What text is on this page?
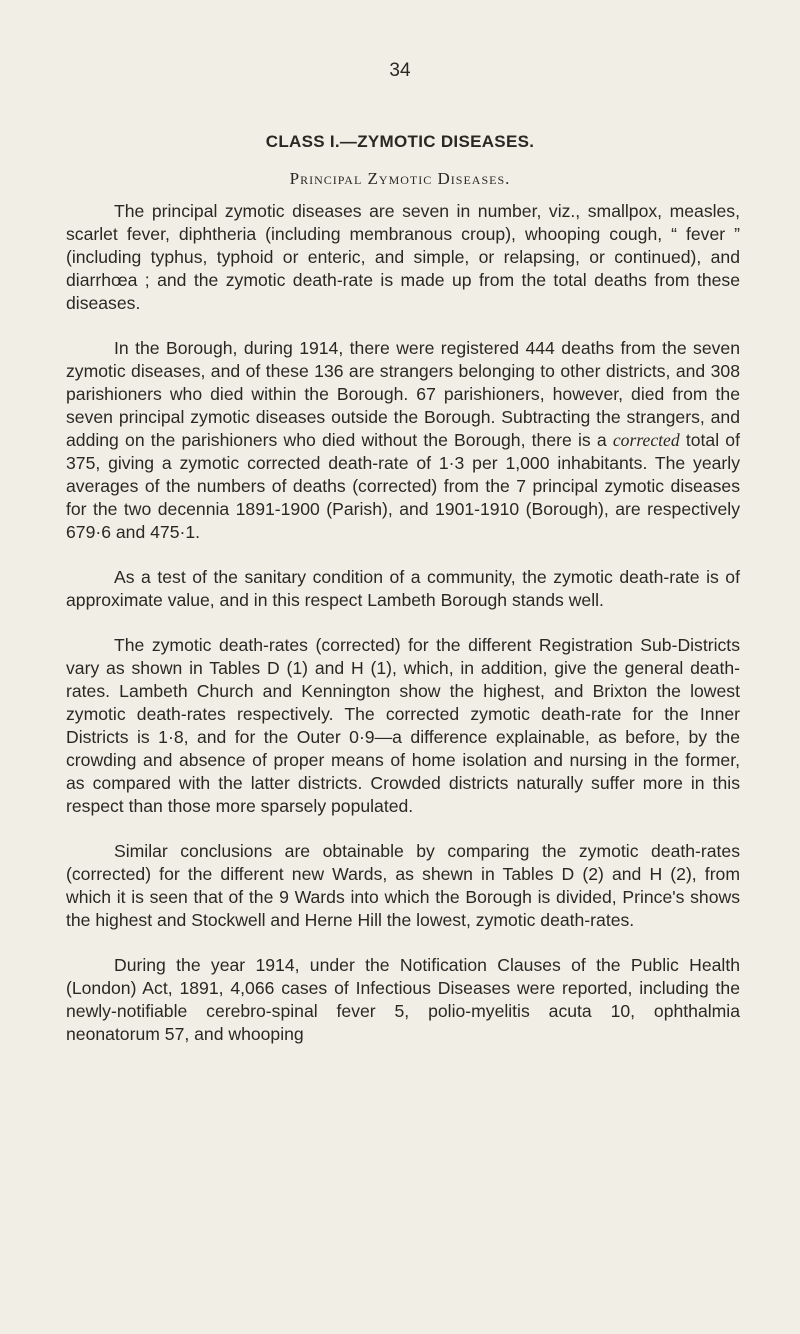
34
CLASS I.—ZYMOTIC DISEASES.
Principal Zymotic Diseases.

The principal zymotic diseases are seven in number, viz., smallpox, measles, scarlet fever, diphtheria (including membranous croup), whooping cough, “ fever ” (including typhus, typhoid or enteric, and simple, or relapsing, or continued), and diarrhœa ; and the zymotic death-rate is made up from the total deaths from these diseases.

In the Borough, during 1914, there were registered 444 deaths from the seven zymotic diseases, and of these 136 are strangers belonging to other districts, and 308 parishioners who died within the Borough. 67 parishioners, however, died from the seven principal zymotic diseases outside the Borough. Subtracting the strangers, and adding on the parishioners who died without the Borough, there is a corrected total of 375, giving a zymotic corrected death-rate of 1·3 per 1,000 inhabitants. The yearly averages of the numbers of deaths (corrected) from the 7 principal zymotic diseases for the two decennia 1891-1900 (Parish), and 1901-1910 (Borough), are respectively 679·6 and 475·1.

As a test of the sanitary condition of a community, the zymotic death-rate is of approximate value, and in this respect Lambeth Borough stands well.

The zymotic death-rates (corrected) for the different Registration Sub-Districts vary as shown in Tables D (1) and H (1), which, in addition, give the general death-rates. Lambeth Church and Kennington show the highest, and Brixton the lowest zymotic death-rates respectively. The corrected zymotic death-rate for the Inner Districts is 1·8, and for the Outer 0·9—a difference explainable, as before, by the crowding and absence of proper means of home isolation and nursing in the former, as compared with the latter districts. Crowded districts naturally suffer more in this respect than those more sparsely populated.

Similar conclusions are obtainable by comparing the zymotic death-rates (corrected) for the different new Wards, as shewn in Tables D (2) and H (2), from which it is seen that of the 9 Wards into which the Borough is divided, Prince's shows the highest and Stockwell and Herne Hill the lowest, zymotic death-rates.

During the year 1914, under the Notification Clauses of the Public Health (London) Act, 1891, 4,066 cases of Infectious Diseases were reported, including the newly-notifiable cerebro-spinal fever 5, polio-myelitis acuta 10, ophthalmia neonatorum 57, and whooping
